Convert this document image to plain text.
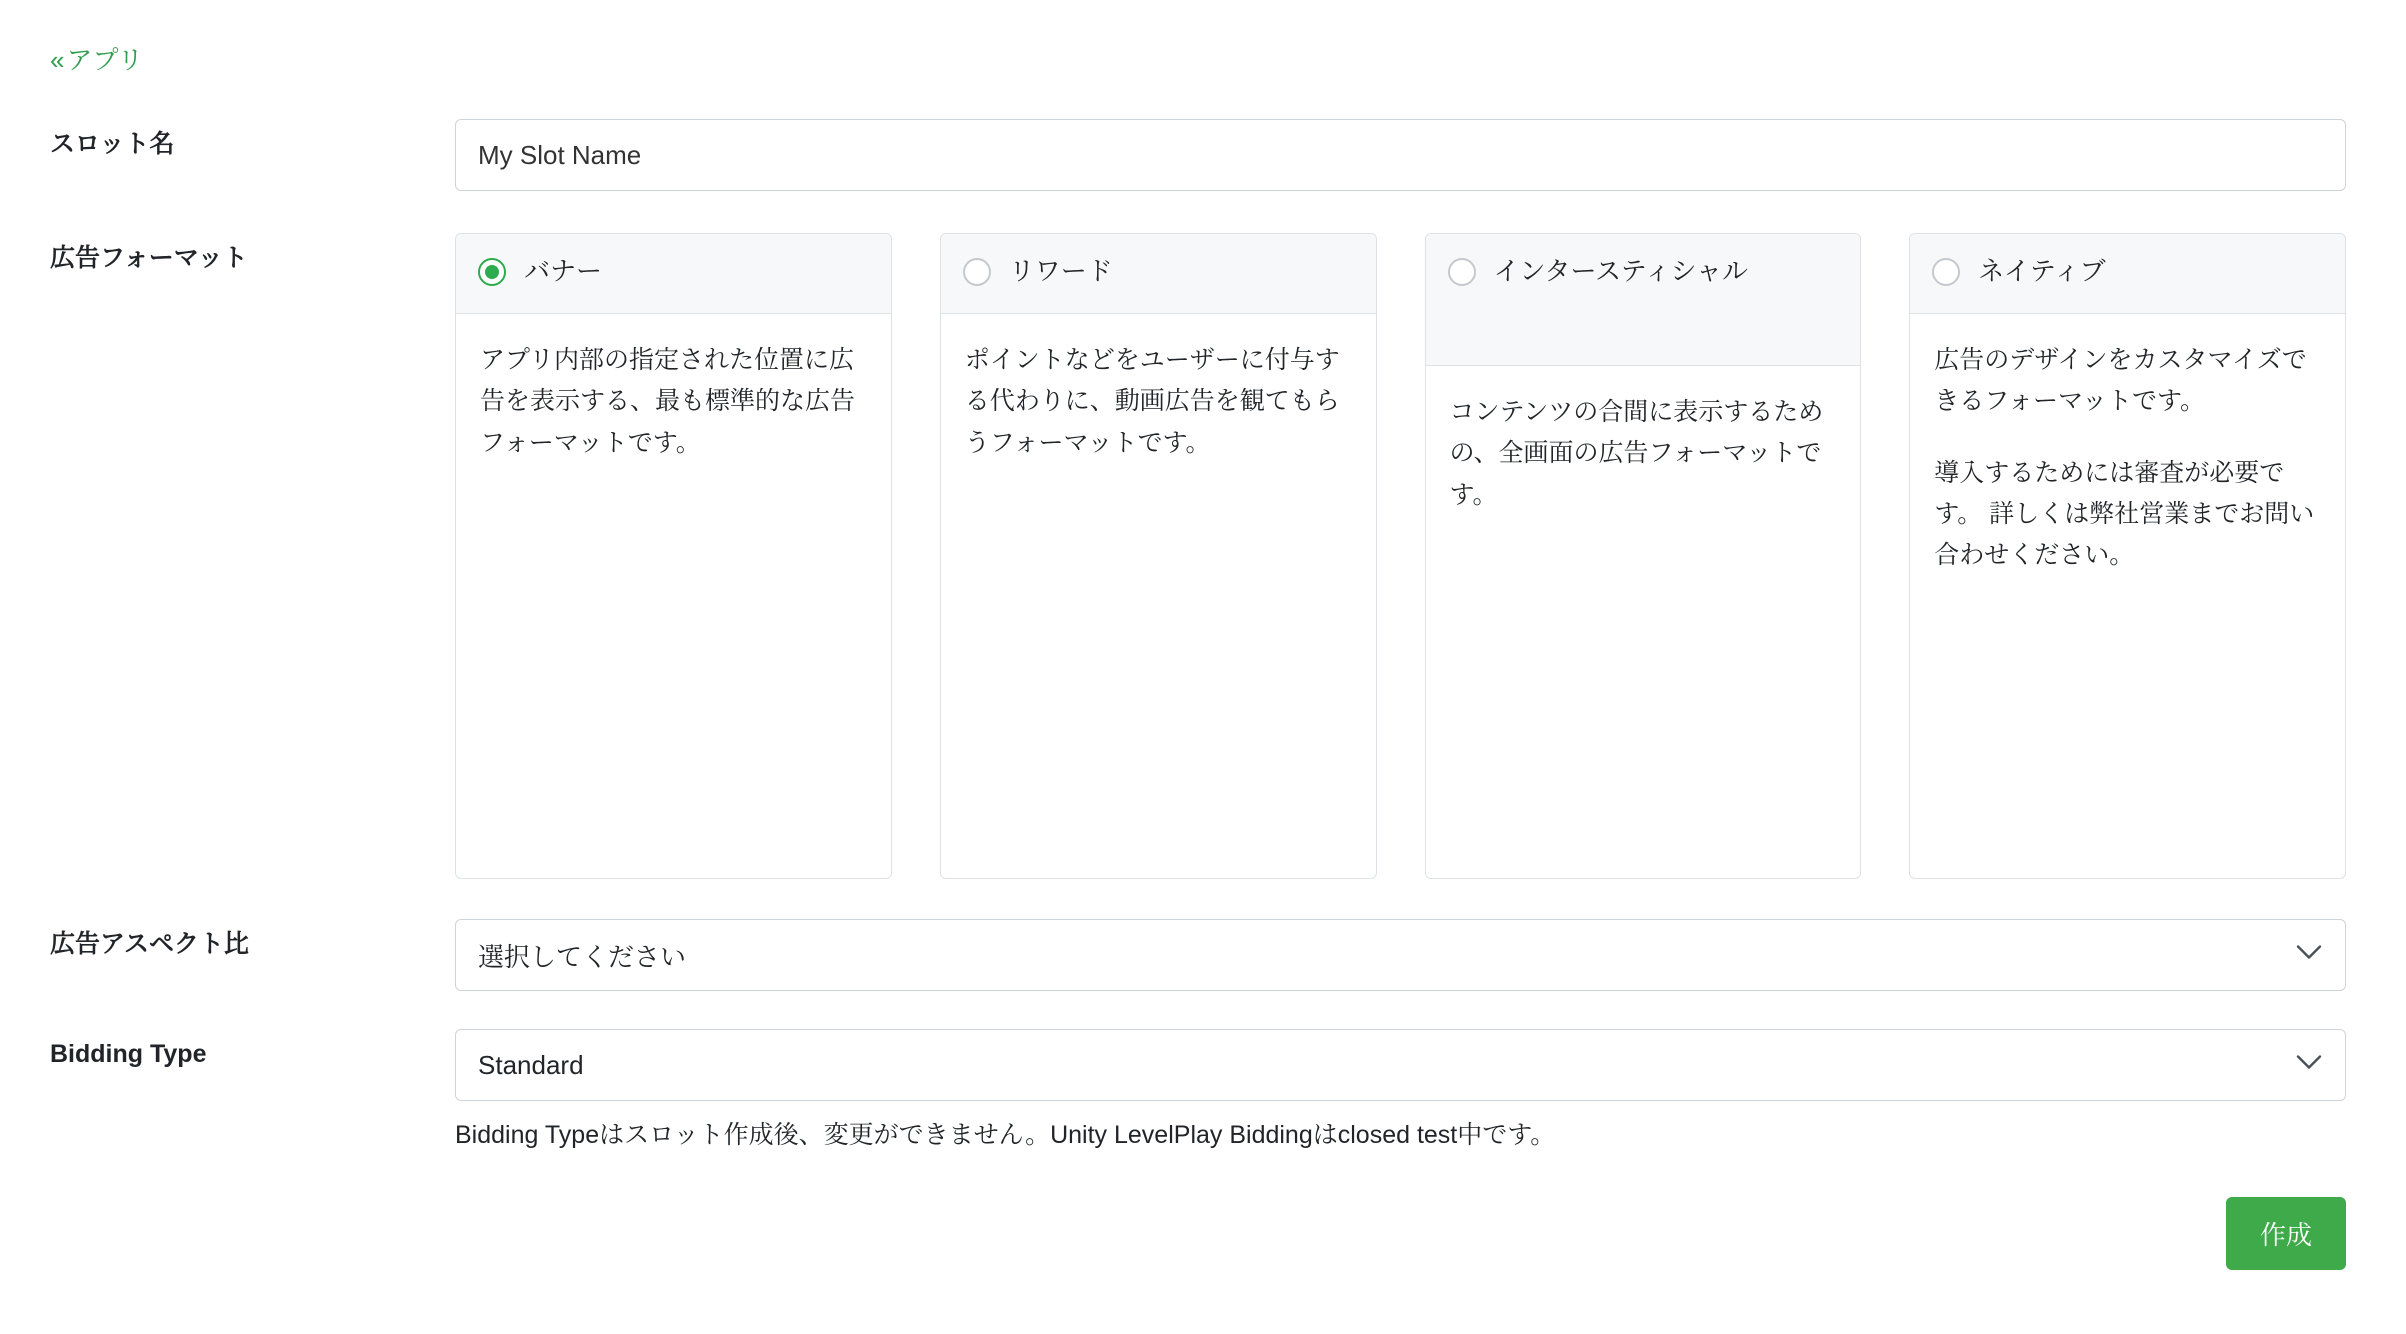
«アプリ
スロット名
My Slot Name
広告フォーマット	バナー

アプリ内部の指定された位置に広告を表示する、最も標準的な広告フォーマットです。

リワード

ポイントなどをユーザーに付与する代わりに、動画広告を観てもらうフォーマットです。

インタースティシャル

コンテンツの合間に表示するための、全画面の広告フォーマットです。

ネイティブ

広告のデザインをカスタマイズできるフォーマットです。

導入するためには審査が必要です。 詳しくは弊社営業までお問い合わせください。

広告アスペクト比	選択してください
Bidding Type	Standard
Bidding Typeはスロット作成後、変更ができません。Unity LevelPlay Biddingはclosed test中です。
作成
